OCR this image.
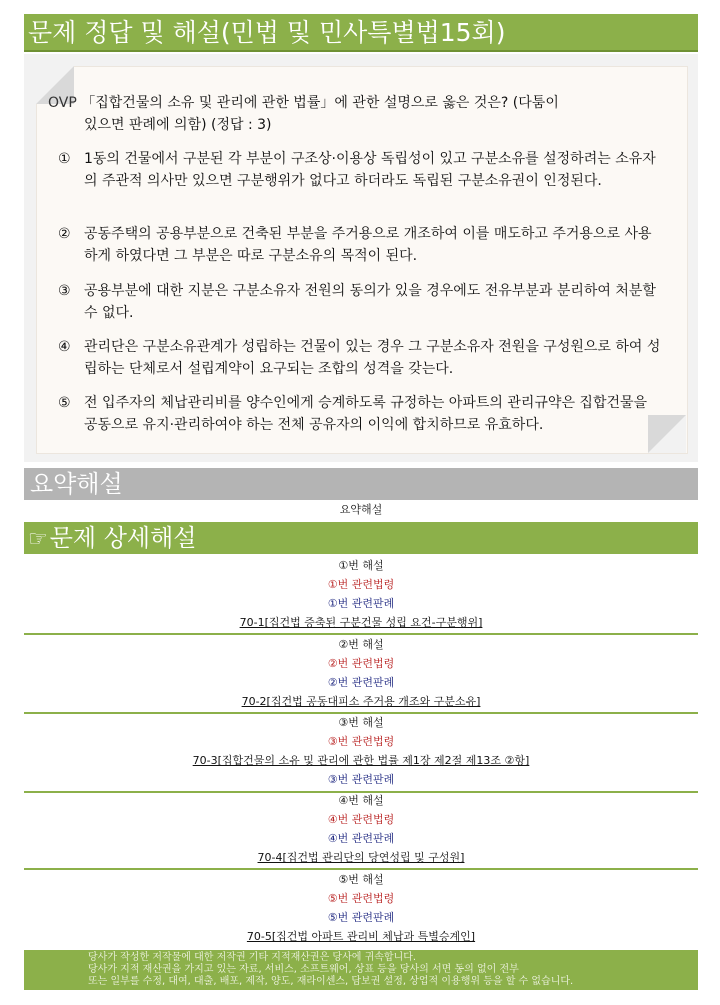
문제 정답 및 해설(민법 및 민사특별법15회)
OVP 「집합건물의 소유 및 관리에 관한 법률」에 관한 설명으로 옳은 것은? (다툼이
있으면 판례에 의함) (정답 : 3)
① 1동의 건물에서 구분된 각 부분이 구조상·이용상 독립성이 있고 구분소유를 설정하려는 소유자의 주관적 의사만 있으면 구분행위가 없다고 하더라도 독립된 구분소유권이 인정된다.
② 공동주택의 공용부분으로 건축된 부분을 주거용으로 개조하여 이를 매도하고 주거용으로 사용하게 하였다면 그 부분은 따로 구분소유의 목적이 된다.
③ 공용부분에 대한 지분은 구분소유자 전원의 동의가 있을 경우에도 전유부분과 분리하여 처분할 수 없다.
④ 관리단은 구분소유관계가 성립하는 건물이 있는 경우 그 구분소유자 전원을 구성원으로 하여 성립하는 단체로서 설립계약이 요구되는 조합의 성격을 갖는다.
⑤ 전 입주자의 체납관리비를 양수인에게 승계하도록 규정하는 아파트의 관리규약은 집합건물을 공동으로 유지·관리하여야 하는 전체 공유자의 이익에 합치하므로 유효하다.
요약해설
요약해설
☞문제 상세해설
①번 해설
①번 관련법령
①번 관련판례
70-1[집건법 증축된 구분건물 성립 요건-구분행위]
②번 해설
②번 관련법령
②번 관련판례
70-2[집건법 공동대피소 주거용 개조와 구분소유]
③번 해설
③번 관련법령
70-3[집합건물의 소유 및 관리에 관한 법률 제1장 제2절 제13조 ②항]
③번 관련판례
④번 해설
④번 관련법령
④번 관련판례
70-4[집건법 관리단의 당연성립 및 구성원]
⑤번 해설
⑤번 관련법령
⑤번 관련판례
70-5[집건법 아파트 관리비 체납과 특별승계인]
당사가 작성한 저작물에 대한 저작권 기타 지적재산권은 당사에 귀속합니다.
당사가 지적 재산권을 가지고 있는 자료, 서비스, 소프트웨어, 상표 등을 당사의 서면 동의 없이 전부
또는 일부를 수정, 대여, 대출, 배포, 제작, 양도, 재라이센스, 담보권 설정, 상업적 이용행위 등을 할 수 없습니다.
